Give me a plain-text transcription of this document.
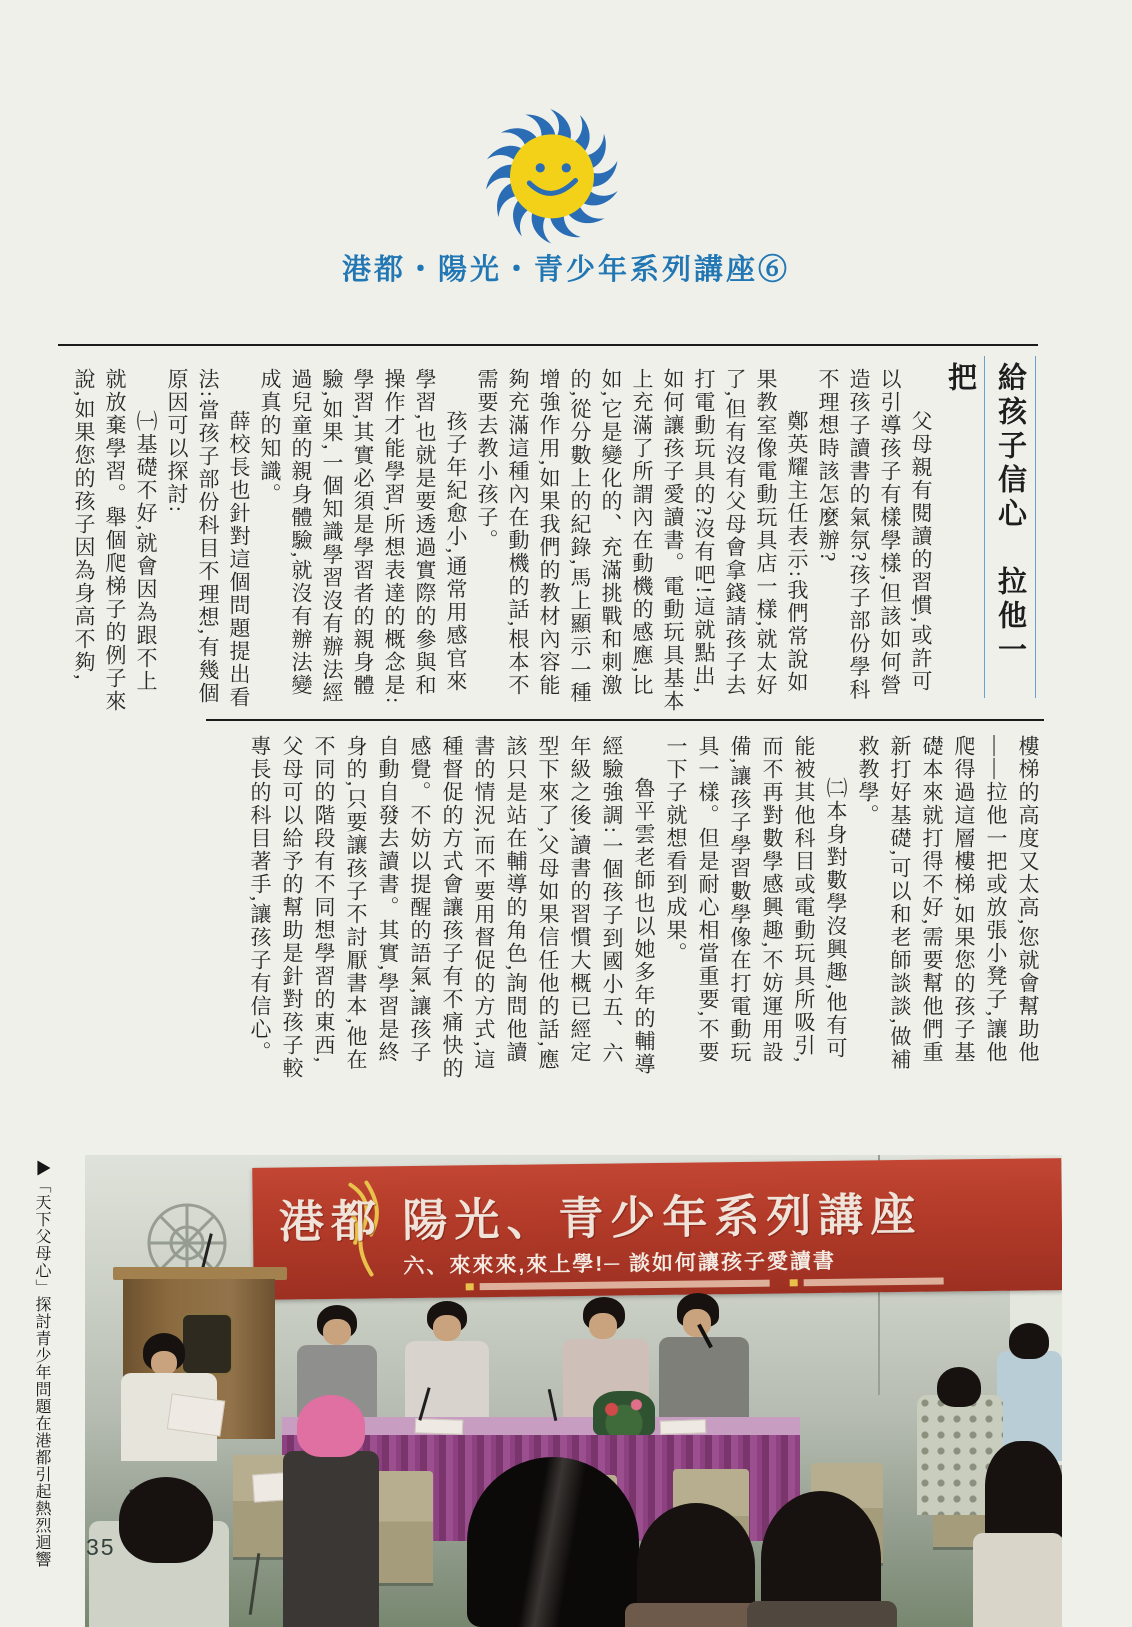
港都・陽光・青少年系列講座⑥
給孩子信心　拉他一把

父母親有閱讀的習慣,或許可以引導孩子有樣學樣,但該如何營造孩子讀書的氣氛?孩子部份學科不理想時該怎麼辦?

鄭英耀主任表示:我們常說如果教室像電動玩具店一樣,就太好了,但有沒有父母會拿錢請孩子去打電動玩具的?沒有吧!這就點出,如何讓孩子愛讀書。電動玩具基本上充滿了所謂內在動機的感應,比如,它是變化的、充滿挑戰和刺激的,從分數上的紀錄,馬上顯示一種增強作用,如果我們的教材內容能夠充滿這種內在動機的話,根本不需要去教小孩子。

孩子年紀愈小,通常用感官來學習,也就是要透過實際的參與和操作才能學習,所想表達的概念是:學習,其實必須是學習者的親身體驗,如果,一個知識學習沒有辦法經過兒童的親身體驗,就沒有辦法變成真的知識。

薛校長也針對這個問題提出看法:當孩子部份科目不理想,有幾個原因可以探討:

㈠基礎不好,就會因為跟不上就放棄學習。舉個爬梯子的例子來說,如果您的孩子因為身高不夠,

樓梯的高度又太高,您就會幫助他——拉他一把或放張小凳子,讓他爬得過這層樓梯,如果您的孩子基礎本來就打得不好,需要幫他們重新打好基礎,可以和老師談談,做補救教學。

㈡本身對數學沒興趣,他有可能被其他科目或電動玩具所吸引,而不再對數學感興趣,不妨運用設備,讓孩子學習數學像在打電動玩具一樣。但是耐心相當重要,不要一下子就想看到成果。

魯平雲老師也以她多年的輔導經驗強調:一個孩子到國小五、六年級之後,讀書的習慣大概已經定型下來了,父母如果信任他的話,應該只是站在輔導的角色,詢問他讀書的情況,而不要用督促的方式,這種督促的方式會讓孩子有不痛快的感覺。不妨以提醒的語氣,讓孩子自動自發去讀書。其實,學習是終身的,只要讓孩子不討厭書本,他在不同的階段有不同想學習的東西,父母可以給予的幫助是針對孩子較專長的科目著手,讓孩子有信心。

▶「天下父母心」探討青少年問題在港都引起熱烈迴響 35
港都 陽光、青少年系列講座
六、來來來,來上學!─ 談如何讓孩子愛讀書
